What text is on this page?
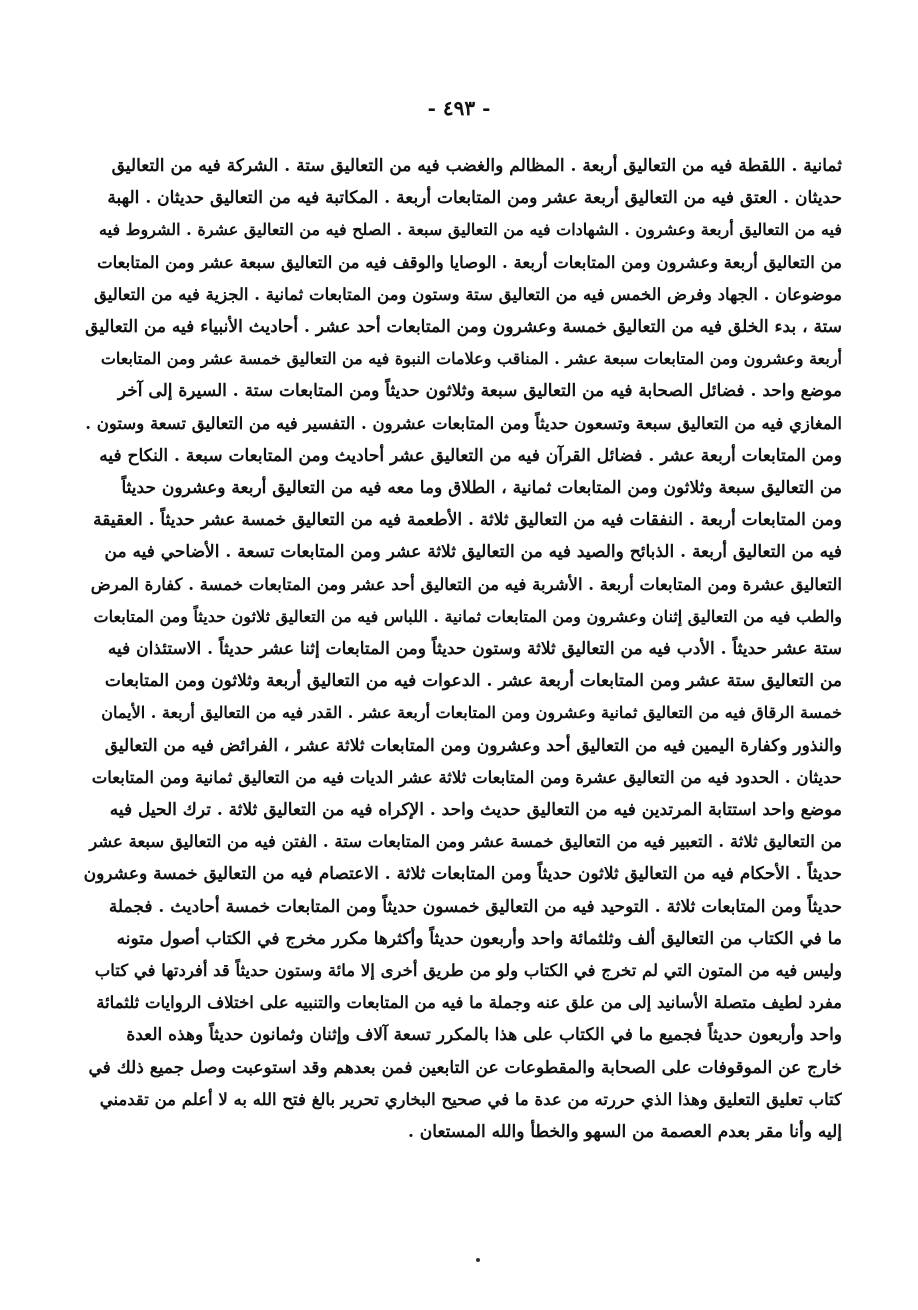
- ٤٩٣ -
ثمانية . اللقطة فيه من التعاليق أربعة . المظالم والغضب فيه من التعاليق ستة . الشركة فيه من التعاليق
حديثان . العتق فيه من التعاليق أربعة عشر ومن المتابعات أربعة . المكاتبة فيه من التعاليق حديثان . الهبة
فيه من التعاليق أربعة وعشرون . الشهادات فيه من التعاليق سبعة . الصلح فيه من التعاليق عشرة . الشروط فيه
من التعاليق أربعة وعشرون ومن المتابعات أربعة . الوصايا والوقف فيه من التعاليق سبعة عشر ومن المتابعات
موضوعان . الجهاد وفرض الخمس فيه من التعاليق ستة وستون ومن المتابعات ثمانية . الجزية فيه من التعاليق
ستة ، بدء الخلق فيه من التعاليق خمسة وعشرون ومن المتابعات أحد عشر . أحاديث الأنبياء فيه من التعاليق
أربعة وعشرون ومن المتابعات سبعة عشر . المناقب وعلامات النبوة فيه من التعاليق خمسة عشر ومن المتابعات
موضع واحد . فضائل الصحابة فيه من التعاليق سبعة وثلاثون حديثاً ومن المتابعات ستة . السيرة إلى آخر
المغازي فيه من التعاليق سبعة وتسعون حديثاً ومن المتابعات عشرون . التفسير فيه من التعاليق تسعة وستون .
ومن المتابعات أربعة عشر . فضائل القرآن فيه من التعاليق عشر أحاديث ومن المتابعات سبعة . النكاح فيه
من التعاليق سبعة وثلاثون ومن المتابعات ثمانية ، الطلاق وما معه فيه من التعاليق أربعة وعشرون حديثاً
ومن المتابعات أربعة . النفقات فيه من التعاليق ثلاثة . الأطعمة فيه من التعاليق خمسة عشر حديثاً . العقيقة
فيه من التعاليق أربعة . الذبائح والصيد فيه من التعاليق ثلاثة عشر ومن المتابعات تسعة . الأضاحي فيه من
التعاليق عشرة ومن المتابعات أربعة . الأشربة فيه من التعاليق أحد عشر ومن المتابعات خمسة . كفارة المرض
والطب فيه من التعاليق إثنان وعشرون ومن المتابعات ثمانية . اللباس فيه من التعاليق ثلاثون حديثاً ومن المتابعات
ستة عشر حديثاً . الأدب فيه من التعاليق ثلاثة وستون حديثاً ومن المتابعات إثنا عشر حديثاً . الاستئذان فيه
من التعاليق ستة عشر ومن المتابعات أربعة عشر . الدعوات فيه من التعاليق أربعة وثلاثون ومن المتابعات
خمسة الرقاق فيه من التعاليق ثمانية وعشرون ومن المتابعات أربعة عشر . القدر فيه من التعاليق أربعة . الأيمان
والنذور وكفارة اليمين فيه من التعاليق أحد وعشرون ومن المتابعات ثلاثة عشر ، الفرائض فيه من التعاليق
حديثان . الحدود فيه من التعاليق عشرة ومن المتابعات ثلاثة عشر الديات فيه من التعاليق ثمانية ومن المتابعات
موضع واحد استتابة المرتدين فيه من التعاليق حديث واحد . الإكراه فيه من التعاليق ثلاثة . ترك الحيل فيه
من التعاليق ثلاثة . التعبير فيه من التعاليق خمسة عشر ومن المتابعات ستة . الفتن فيه من التعاليق سبعة عشر
حديثاً . الأحكام فيه من التعاليق ثلاثون حديثاً ومن المتابعات ثلاثة . الاعتصام فيه من التعاليق خمسة وعشرون
حديثاً ومن المتابعات ثلاثة . التوحيد فيه من التعاليق خمسون حديثاً ومن المتابعات خمسة أحاديث . فجملة
ما في الكتاب من التعاليق ألف وثلثمائة واحد وأربعون حديثاً وأكثرها مكرر مخرج في الكتاب أصول متونه
وليس فيه من المتون التي لم تخرج في الكتاب ولو من طريق أخرى إلا مائة وستون حديثاً قد أفردتها في كتاب
مفرد لطيف متصلة الأسانيد إلى من علق عنه وجملة ما فيه من المتابعات والتنبيه على اختلاف الروايات ثلثمائة
واحد وأربعون حديثاً فجميع ما في الكتاب على هذا بالمكرر تسعة آلاف وإثنان وثمانون حديثاً وهذه العدة
خارج عن الموقوفات على الصحابة والمقطوعات عن التابعين فمن بعدهم وقد استوعبت وصل جميع ذلك في
كتاب تعليق التعليق وهذا الذي حررته من عدة ما في صحيح البخاري تحرير بالغ فتح الله به لا أعلم من تقدمني
إليه وأنا مقر بعدم العصمة من السهو والخطأ والله المستعان .
